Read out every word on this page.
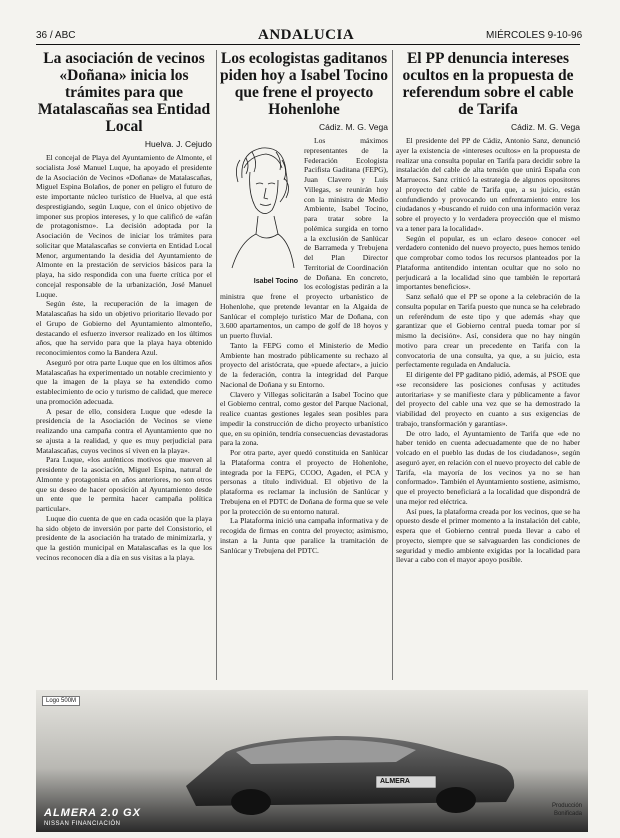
36 / ABC	ANDALUCIA	MIÉRCOLES 9-10-96
La asociación de vecinos «Doñana» inicia los trámites para que Matalascañas sea Entidad Local
Huelva. J. Cejudo

El concejal de Playa del Ayuntamiento de Almonte, el socialista José Manuel Luque, ha apoyado el presidente de la Asociación de Vecinos «Doñana» de Matalascañas, Miguel Espina Bolaños, de poner en peligro el futuro de este importante núcleo turístico de Huelva, al que está desprestigiando, según Luque, con el único objetivo de imponer sus propios intereses, y lo que calificó de «afán de protagonismo». La decisión adoptada por la Asociación de Vecinos de iniciar los trámites para solicitar que Matalascañas se convierta en Entidad Local Menor, argumentando la desidia del Ayuntamiento de Almonte en la prestación de servicios básicos para la playa, ha sido respondida con una fuerte crítica por el concejal responsable de la urbanización, José Manuel Luque.

Según éste, la recuperación de la imagen de Matalascañas ha sido un objetivo prioritario llevado por el Grupo de Gobierno del Ayuntamiento almonteño, destacando el esfuerzo inversor realizado en los últimos años, que ha servido para que la playa haya obtenido reconocimientos como la Bandera Azul.

Aseguró por otra parte Luque que en los últimos años Matalascañas ha experimentado un notable crecimiento y que la imagen de la playa se ha extendido como establecimiento de ocio y turismo de calidad, que merece una promoción adecuada.

A pesar de ello, considera Luque que «desde la presidencia de la Asociación de Vecinos se viene realizando una campaña contra el Ayuntamiento que no se ajusta a la realidad, y que es muy perjudicial para Matalascañas, cuyos vecinos sí viven en la playa».

Para Luque, «los auténticos motivos que mueven al presidente de la asociación, Miguel Espina, natural de Almonte y protagonista en años anteriores, no son otros que su deseo de hacer oposición al Ayuntamiento desde un ente que le permita hacer campaña política particular».

Luque dio cuenta de que en cada ocasión que la playa ha sido objeto de inversión por parte del Consistorio, el presidente de la asociación ha tratado de minimizarla, y que la gestión municipal en Matalascañas es la que los vecinos reconocen día a día en sus visitas a la playa.

Los ecologistas gaditanos piden hoy a Isabel Tocino que frene el proyecto Hohenlohe
Cádiz. M. G. Vega
Isabel Tocino

Los máximos representantes de la Federación Ecologista Pacifista Gaditana (FEPG), Juan Clavero y Luis Villegas, se reunirán hoy con la ministra de Medio Ambiente, Isabel Tocino, para tratar sobre la polémica surgida en torno a la exclusión de Sanlúcar de Barrameda y Trebujena del Plan Director Territorial de Coordinación de Doñana. En concreto, los ecologistas pedirán a la ministra que frene el proyecto urbanístico de Hohenlohe, que pretende levantar en la Algaida de Sanlúcar el complejo turístico Mar de Doñana, con 3.600 apartamentos, un campo de golf de 18 hoyos y un puerto fluvial.

Tanto la FEPG como el Ministerio de Medio Ambiente han mostrado públicamente su rechazo al proyecto del aristócrata, que «puede afectar», a juicio de la federación, contra la integridad del Parque Nacional de Doñana y su Entorno.

Clavero y Villegas solicitarán a Isabel Tocino que el Gobierno central, como gestor del Parque Nacional, realice cuantas gestiones legales sean posibles para impedir la construcción de dicho proyecto urbanístico que, en su opinión, tendría consecuencias devastadoras para la zona.

Por otra parte, ayer quedó constituida en Sanlúcar la Plataforma contra el proyecto de Hohenlohe, integrada por la FEPG, CCOO, Agaden, el PCA y personas a título individual. El objetivo de la plataforma es reclamar la inclusión de Sanlúcar y Trebujena en el PDTC de Doñana de forma que se vele por la protección de su entorno natural.

La Plataforma inició una campaña informativa y de recogida de firmas en contra del proyecto; asimismo, instan a la Junta que paralice la tramitación de Sanlúcar y Trebujena del PDTC.

El PP denuncia intereses ocultos en la propuesta de referendum sobre el cable de Tarifa
Cádiz. M. G. Vega

El presidente del PP de Cádiz, Antonio Sanz, denunció ayer la existencia de «intereses ocultos» en la propuesta de realizar una consulta popular en Tarifa para decidir sobre la instalación del cable de alta tensión que unirá España con Marruecos. Sanz criticó la estrategia de algunos opositores al proyecto del cable de Tarifa que, a su juicio, están confundiendo y provocando un enfrentamiento entre los ciudadanos y «buscando el ruido con una información veraz sobre el proyecto y lo verdadera proyección que el mismo va a tener para la localidad».

Según el popular, es un «claro deseo» conocer «el verdadero contenido del nuevo proyecto, pues hemos tenido que comprobar como todos los recursos planteados por la Plataforma antitendido intentan ocultar que no solo no perjudicará a la localidad sino que también le reportará importantes beneficios».

Sanz señaló que el PP se opone a la celebración de la consulta popular en Tarifa puesto que nunca se ha celebrado un referéndum de este tipo y que además «hay que garantizar que el Gobierno central pueda tomar por sí mismo la decisión». Así, considera que no hay ningún motivo para crear un precedente en Tarifa con la convocatoria de una consulta, ya que, a su juicio, esta perfectamente regulada en Andalucía.

El dirigente del PP gaditano pidió, además, al PSOE que «se reconsidere las posiciones confusas y actitudes autoritarias» y se manifieste clara y públicamente a favor del proyecto del cable una vez que se ha demostrado la viabilidad del proyecto en cuanto a sus exigencias de trabajo, transformación y garantías».

De otro lado, el Ayuntamiento de Tarifa que «de no haber tenido en cuenta adecuadamente que de no haber volcado en el pueblo las dudas de los ciudadanos», según aseguró ayer, en relación con el nuevo proyecto del cable de Tarifa, «la mayoría de los vecinos ya no se han conformado». También el Ayuntamiento sostiene, asimismo, que el proyecto beneficiará a la localidad que dispondrá de una mejor red eléctrica.

Así pues, la plataforma creada por los vecinos, que se ha opuesto desde el primer momento a la instalación del cable, espera que el Gobierno central pueda llevar a cabo el proyecto, siempre que se salvaguarden las condiciones de seguridad y medio ambiente exigidas por la localidad para llevar a cabo con el mayor apoyo posible.

Logo 500M
ALMERA
ALMERA 2.0 GX
NISSAN FINANCIACIÓN
Producción
Bonificada
